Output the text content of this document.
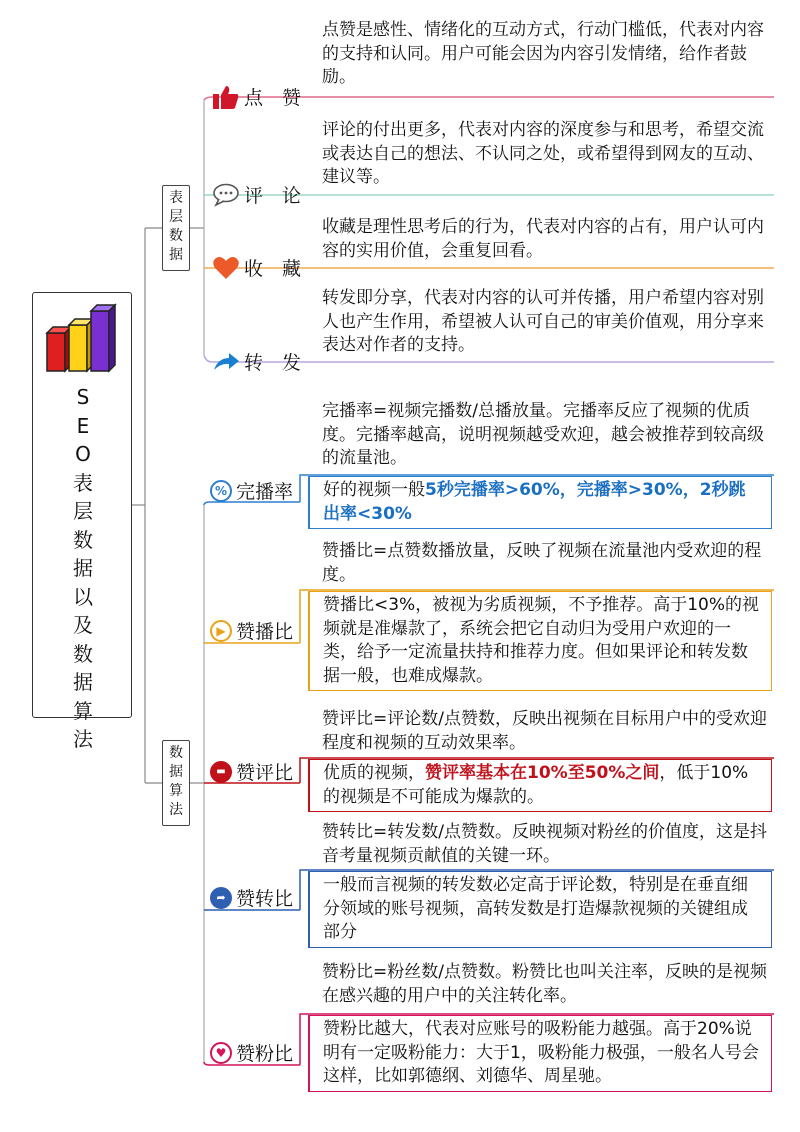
S
E
O
表
层
数
据
以
及
数
据
算
法
表
层
数
据
数
据
算
法
点　赞
评　论
收　藏
转　发
点赞是感性、情绪化的互动方式，行动门槛低，代表对内容的支持和认同。用户可能会因为内容引发情绪，给作者鼓励。
评论的付出更多，代表对内容的深度参与和思考，希望交流或表达自己的想法、不认同之处，或希望得到网友的互动、建议等。
收藏是理性思考后的行为，代表对内容的占有，用户认可内容的实用价值，会重复回看。
转发即分享，代表对内容的认可并传播，用户希望内容对别人也产生作用，希望被人认可自己的审美价值观，用分享来表达对作者的支持。
% 完播率
▶ 赞播比
▬ 赞评比
➦ 赞转比
♥ 赞粉比
完播率=视频完播数/总播放量。完播率反应了视频的优质度。完播率越高，说明视频越受欢迎，越会被推荐到较高级的流量池。
赞播比=点赞数播放量，反映了视频在流量池内受欢迎的程度。
赞评比=评论数/点赞数，反映出视频在目标用户中的受欢迎程度和视频的互动效果率。
赞转比=转发数/点赞数。反映视频对粉丝的价值度，这是抖音考量视频贡献值的关键一环。
赞粉比=粉丝数/点赞数。粉赞比也叫关注率，反映的是视频在感兴趣的用户中的关注转化率。
好的视频一般5秒完播率>60%，完播率>30%，2秒跳出率<30%
赞播比<3%，被视为劣质视频，不予推荐。高于10%的视频就是准爆款了，系统会把它自动归为受用户欢迎的一类，给予一定流量扶持和推荐力度。但如果评论和转发数据一般，也难成爆款。
优质的视频，赞评率基本在10%至50%之间，低于10%的视频是不可能成为爆款的。
一般而言视频的转发数必定高于评论数，特别是在垂直细分领域的账号视频，高转发数是打造爆款视频的关键组成部分
赞粉比越大，代表对应账号的吸粉能力越强。高于20%说明有一定吸粉能力：大于1，吸粉能力极强，一般名人号会这样，比如郭德纲、刘德华、周星驰。
